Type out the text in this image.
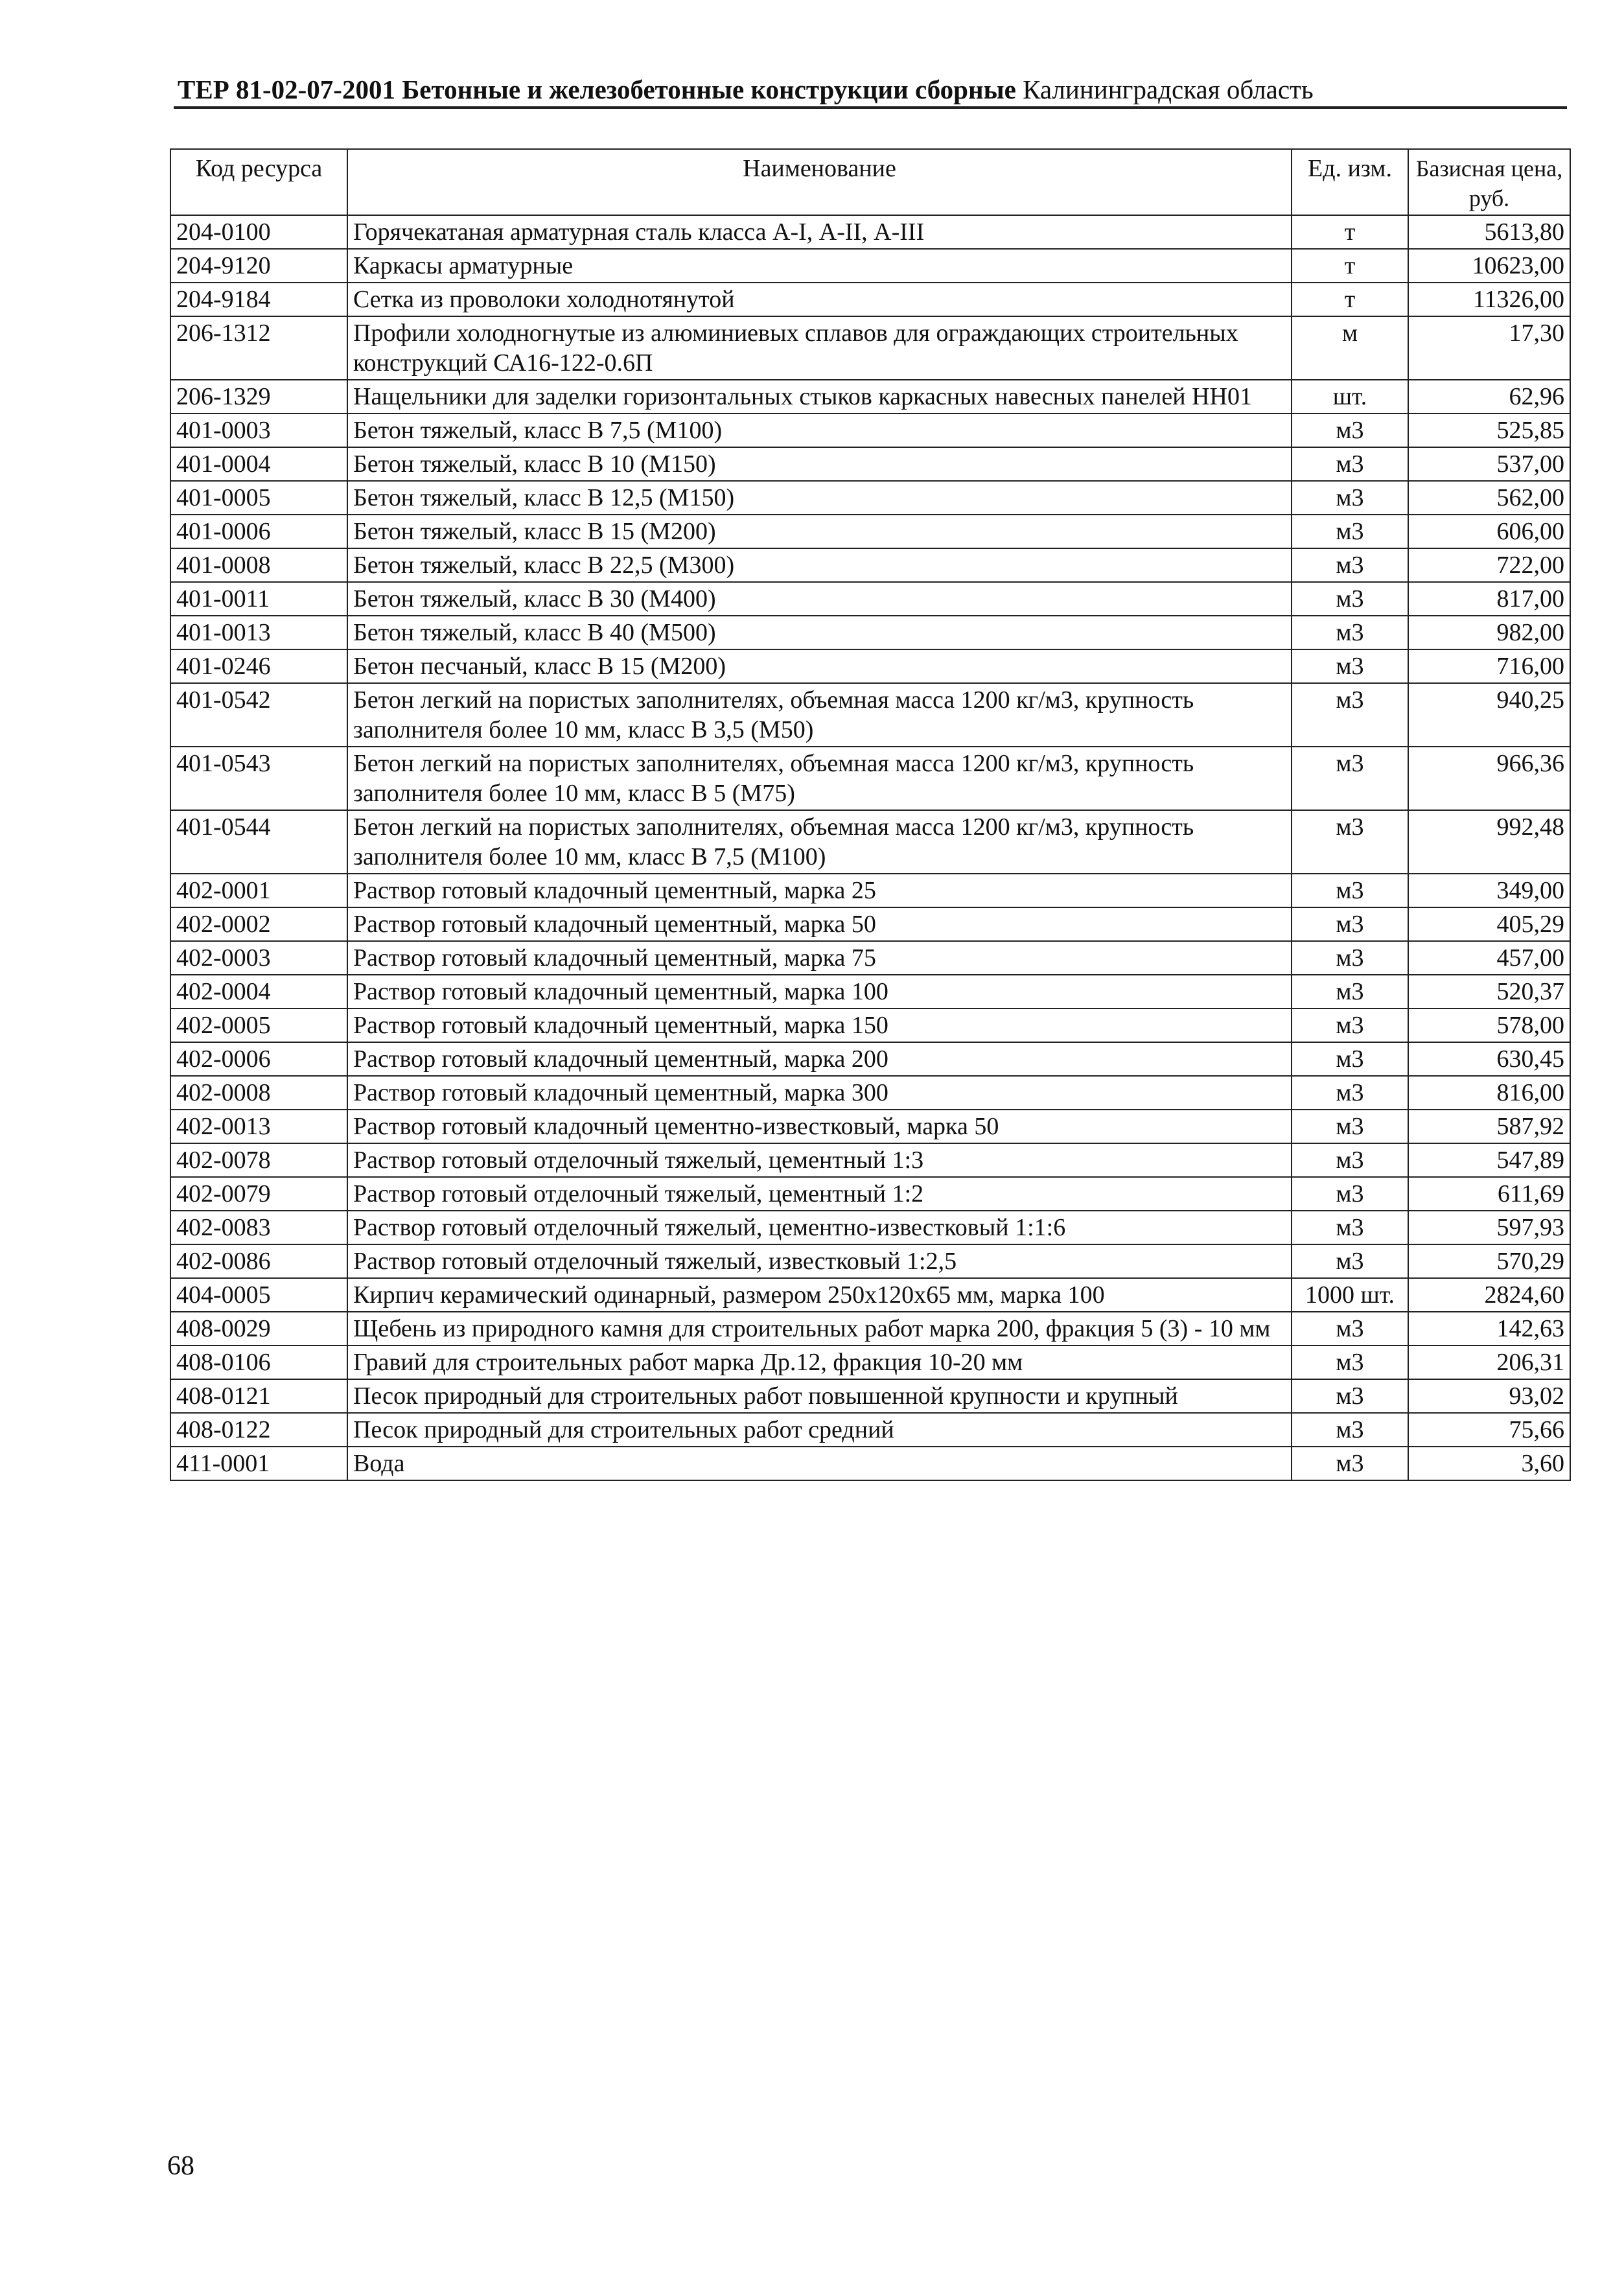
ТЕР 81-02-07-2001 Бетонные и железобетонные конструкции сборные Калининградская область
Код ресурса	Наименование	Ед. изм.	Базисная цена, руб.
204-0100	Горячекатаная арматурная сталь класса А-I, А-II, А-III	т	5613,80
204-9120	Каркасы арматурные	т	10623,00
204-9184	Сетка из проволоки холоднотянутой	т	11326,00
206-1312	Профили холодногнутые из алюминиевых сплавов для ограждающих строительных конструкций СА16-122-0.6П	м	17,30
206-1329	Нащельники для заделки горизонтальных стыков каркасных навесных панелей НН01	шт.	62,96
401-0003	Бетон тяжелый, класс В 7,5 (М100)	м3	525,85
401-0004	Бетон тяжелый, класс В 10 (М150)	м3	537,00
401-0005	Бетон тяжелый, класс В 12,5 (М150)	м3	562,00
401-0006	Бетон тяжелый, класс В 15 (М200)	м3	606,00
401-0008	Бетон тяжелый, класс В 22,5 (М300)	м3	722,00
401-0011	Бетон тяжелый, класс В 30 (М400)	м3	817,00
401-0013	Бетон тяжелый, класс В 40 (М500)	м3	982,00
401-0246	Бетон песчаный, класс В 15 (М200)	м3	716,00
401-0542	Бетон легкий на пористых заполнителях, объемная масса 1200 кг/м3, крупность заполнителя более 10 мм, класс В 3,5 (М50)	м3	940,25
401-0543	Бетон легкий на пористых заполнителях, объемная масса 1200 кг/м3, крупность заполнителя более 10 мм, класс В 5 (М75)	м3	966,36
401-0544	Бетон легкий на пористых заполнителях, объемная масса 1200 кг/м3, крупность заполнителя более 10 мм, класс В 7,5 (М100)	м3	992,48
402-0001	Раствор готовый кладочный цементный, марка 25	м3	349,00
402-0002	Раствор готовый кладочный цементный, марка 50	м3	405,29
402-0003	Раствор готовый кладочный цементный, марка 75	м3	457,00
402-0004	Раствор готовый кладочный цементный, марка 100	м3	520,37
402-0005	Раствор готовый кладочный цементный, марка 150	м3	578,00
402-0006	Раствор готовый кладочный цементный, марка 200	м3	630,45
402-0008	Раствор готовый кладочный цементный, марка 300	м3	816,00
402-0013	Раствор готовый кладочный цементно-известковый, марка 50	м3	587,92
402-0078	Раствор готовый отделочный тяжелый, цементный 1:3	м3	547,89
402-0079	Раствор готовый отделочный тяжелый, цементный 1:2	м3	611,69
402-0083	Раствор готовый отделочный тяжелый, цементно-известковый 1:1:6	м3	597,93
402-0086	Раствор готовый отделочный тяжелый, известковый 1:2,5	м3	570,29
404-0005	Кирпич керамический одинарный, размером 250х120х65 мм, марка 100	1000 шт.	2824,60
408-0029	Щебень из природного камня для строительных работ марка 200, фракция 5 (3) - 10 мм	м3	142,63
408-0106	Гравий для строительных работ марка Др.12, фракция 10-20 мм	м3	206,31
408-0121	Песок природный для строительных работ повышенной крупности и крупный	м3	93,02
408-0122	Песок природный для строительных работ средний	м3	75,66
411-0001	Вода	м3	3,60
68
